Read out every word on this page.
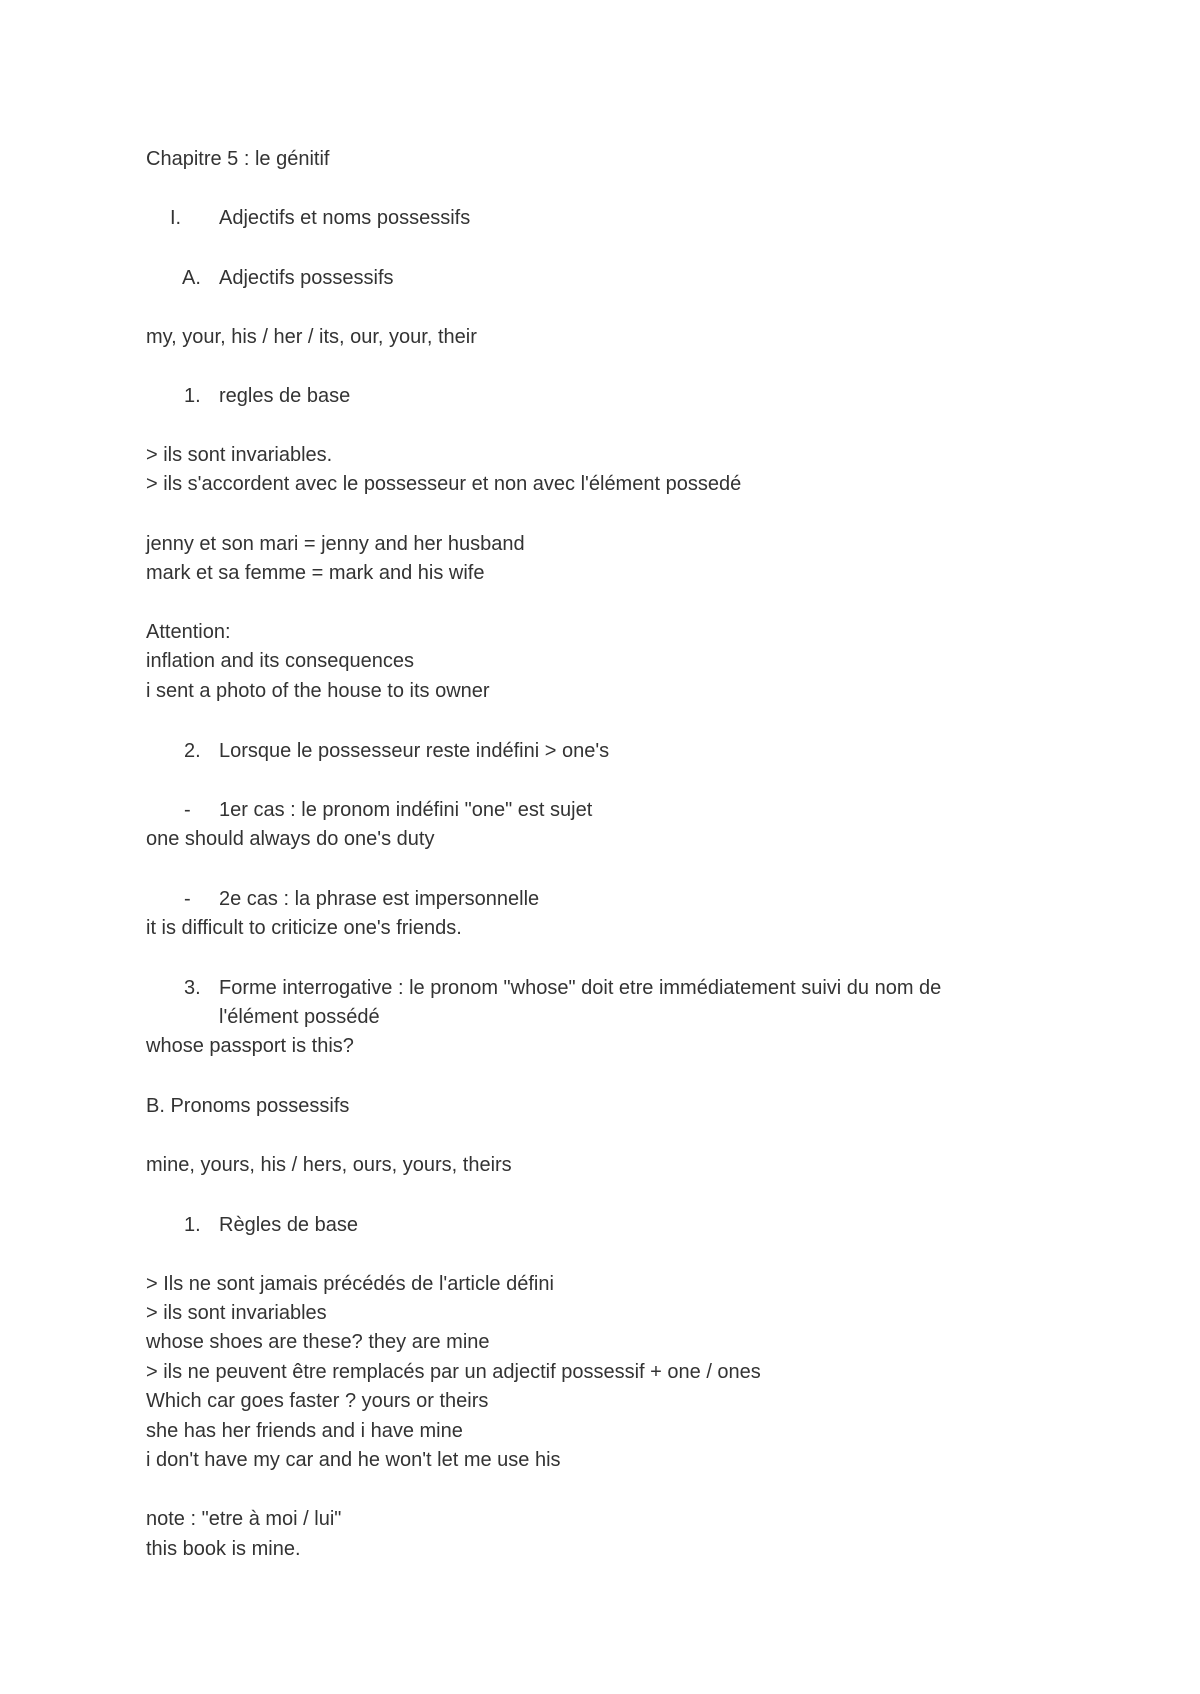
Chapitre 5 : le génitif
I. Adjectifs et noms possessifs
A. Adjectifs possessifs
my, your, his / her / its, our, your, their
1. regles de base
> ils sont invariables.
> ils s'accordent avec le possesseur et non avec l'élément possedé
jenny et son mari = jenny and her husband
mark et sa femme = mark and his wife
Attention:
inflation and its consequences
i sent a photo of the house to its owner
2. Lorsque le possesseur reste indéfini > one's
- 1er cas : le pronom indéfini "one" est sujet
one should always do one's duty
- 2e cas : la phrase est impersonnelle
it is difficult to criticize one's friends.
3. Forme interrogative : le pronom "whose" doit etre immédiatement suivi du nom de
l'élément possédé
whose passport is this?
B. Pronoms possessifs
mine, yours, his / hers, ours, yours, theirs
1. Règles de base
> Ils ne sont jamais précédés de l'article défini
> ils sont invariables
whose shoes are these? they are mine
> ils ne peuvent être remplacés par un adjectif possessif + one / ones
Which car goes faster ? yours or theirs
she has her friends and i have mine
i don't have my car and he won't let me use his
note : "etre à moi / lui"
this book is mine.
